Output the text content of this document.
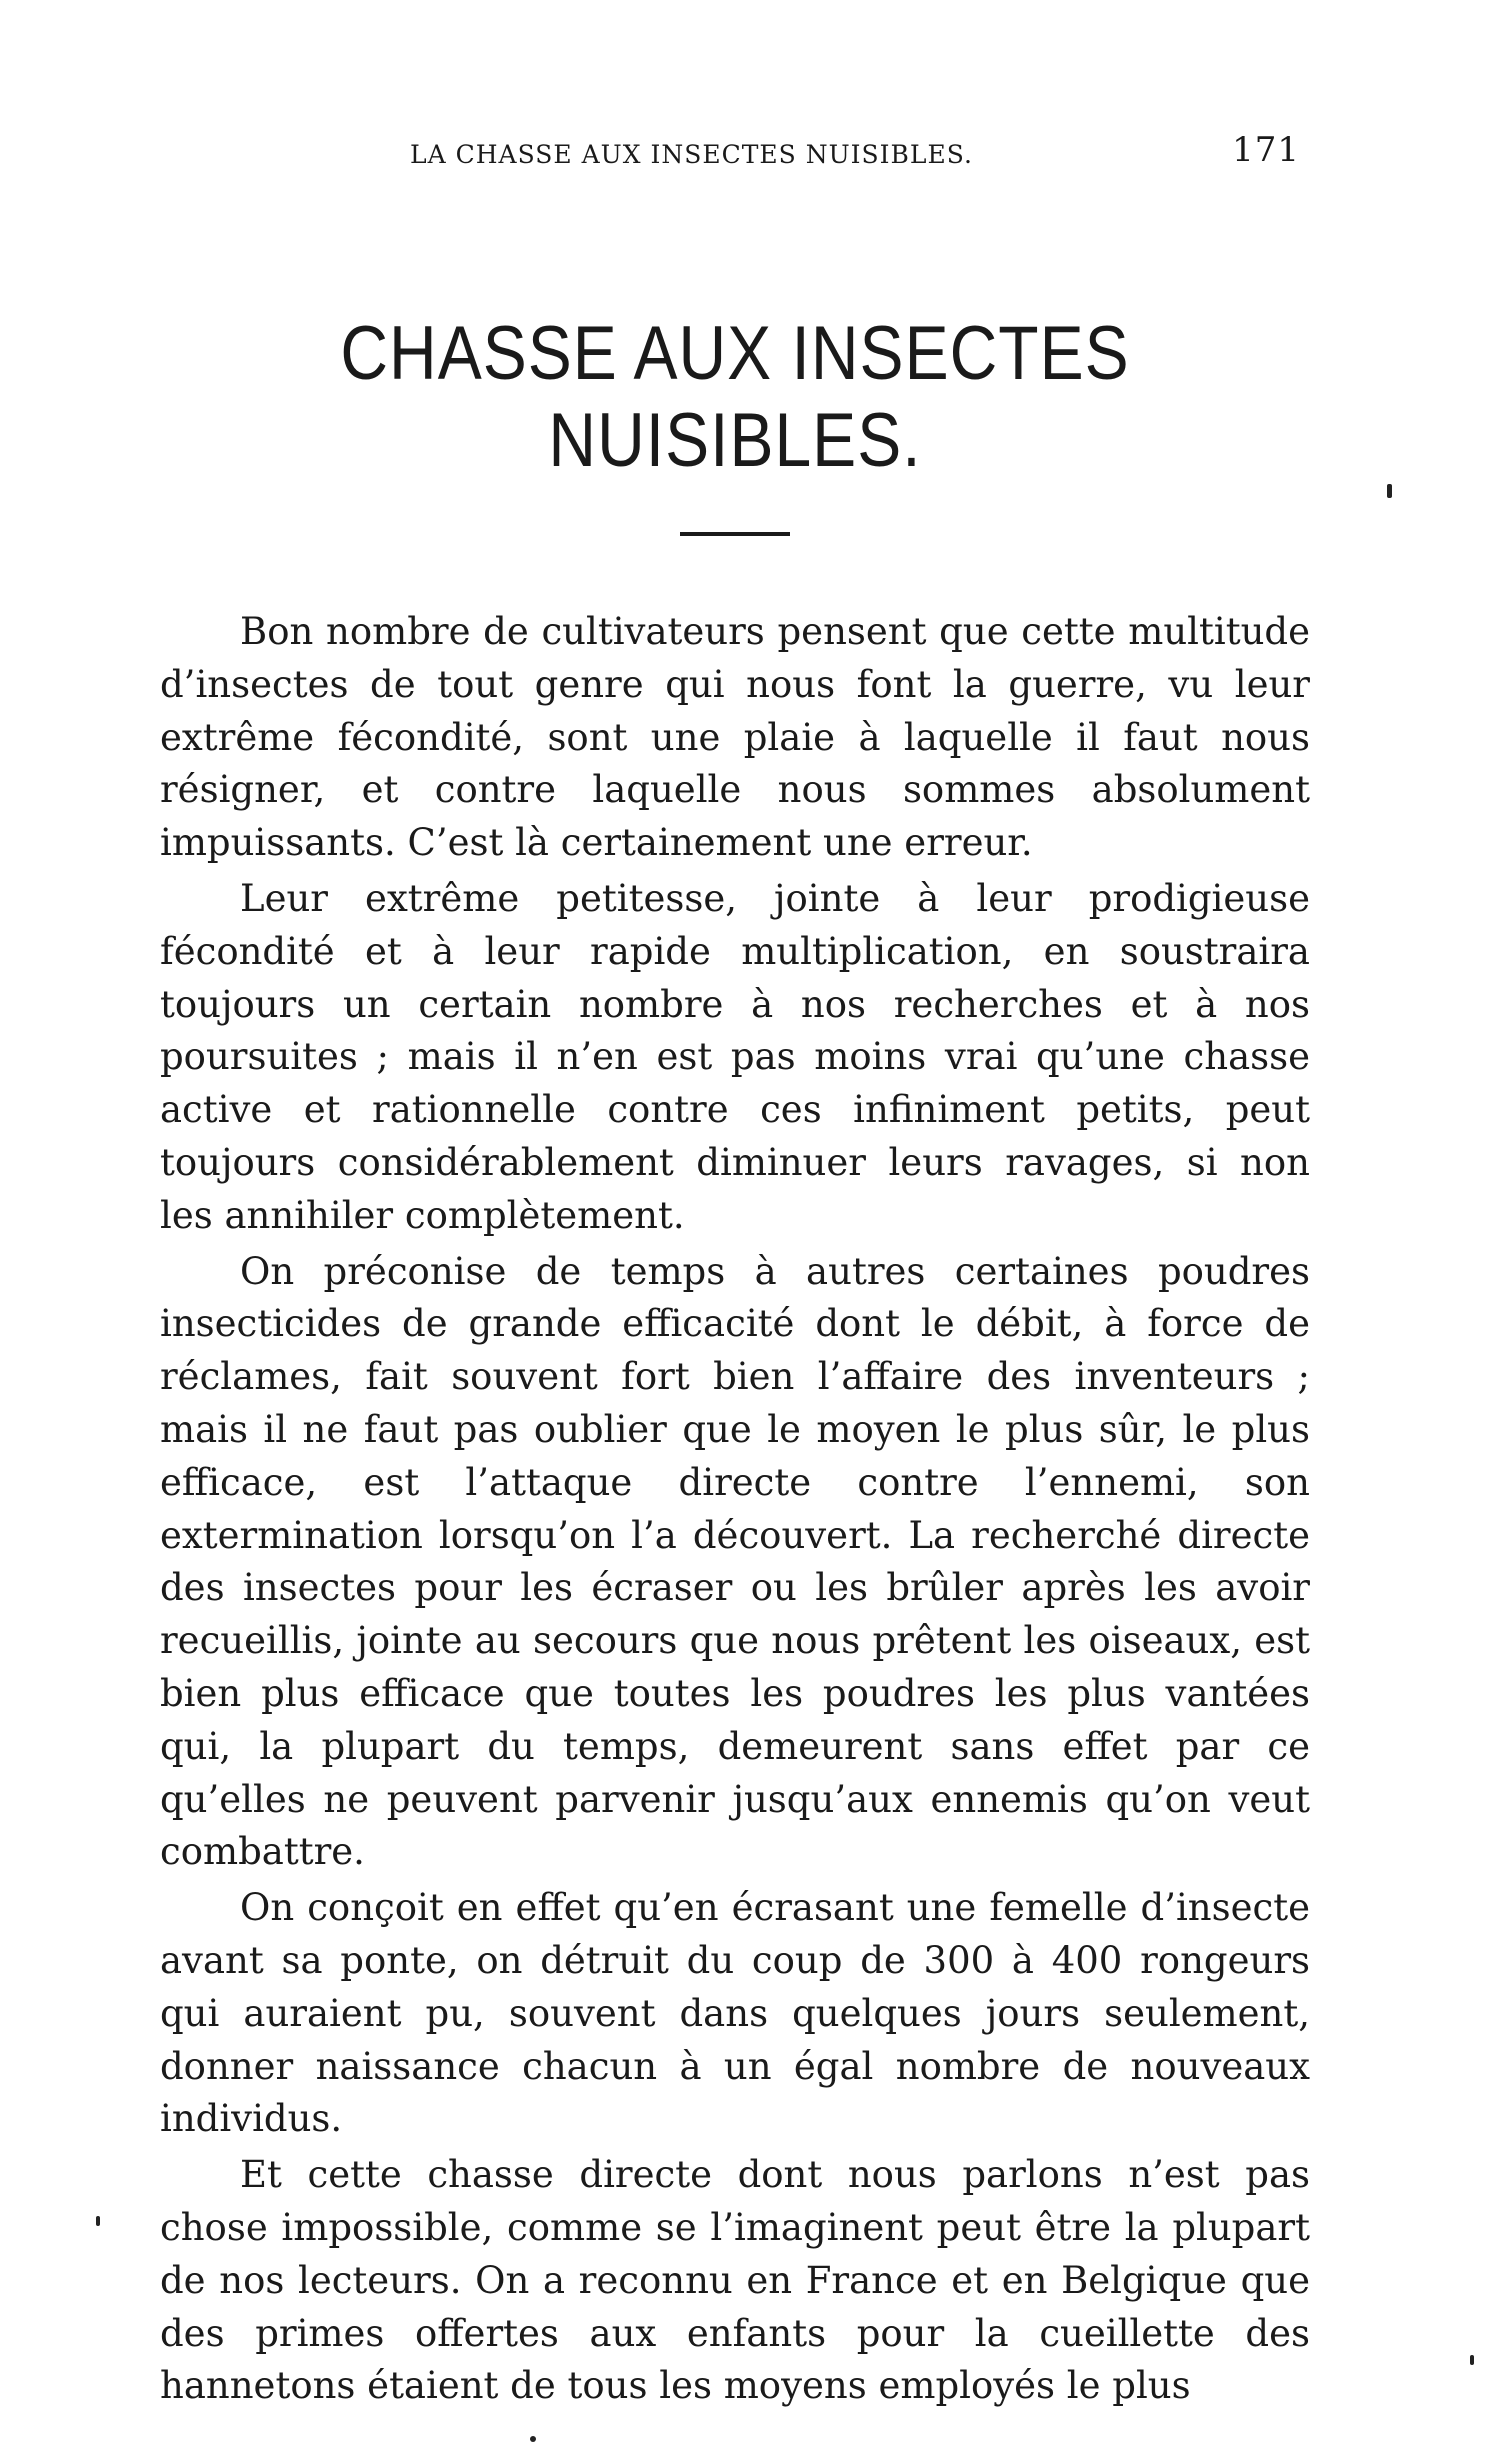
LA CHASSE AUX INSECTES NUISIBLES.	171
CHASSE AUX INSECTES NUISIBLES.

Bon nombre de cultivateurs pensent que cette multitude d’insectes de tout genre qui nous font la guerre, vu leur extrême fécondité, sont une plaie à laquelle il faut nous résigner, et contre laquelle nous sommes absolument impuissants. C’est là certainement une erreur.

Leur extrême petitesse, jointe à leur prodigieuse fécondité et à leur rapide multiplication, en soustraira toujours un certain nombre à nos recherches et à nos poursuites ; mais il n’en est pas moins vrai qu’une chasse active et rationnelle contre ces infiniment petits, peut toujours considérablement diminuer leurs ravages, si non les annihiler complètement.

On préconise de temps à autres certaines poudres insecticides de grande efficacité dont le débit, à force de réclames, fait souvent fort bien l’affaire des inventeurs ; mais il ne faut pas oublier que le moyen le plus sûr, le plus efficace, est l’attaque directe contre l’ennemi, son extermination lorsqu’on l’a découvert. La recherché directe des insectes pour les écraser ou les brûler après les avoir recueillis, jointe au secours que nous prêtent les oiseaux, est bien plus efficace que toutes les poudres les plus vantées qui, la plupart du temps, demeurent sans effet par ce qu’elles ne peuvent parvenir jusqu’aux ennemis qu’on veut combattre.

On conçoit en effet qu’en écrasant une femelle d’insecte avant sa ponte, on détruit du coup de 300 à 400 rongeurs qui auraient pu, souvent dans quelques jours seulement, donner naissance chacun à un égal nombre de nouveaux individus.

Et cette chasse directe dont nous parlons n’est pas chose impossible, comme se l’imaginent peut être la plupart de nos lecteurs. On a reconnu en France et en Belgique que des primes offertes aux enfants pour la cueillette des hannetons étaient de tous les moyens employés le plus
